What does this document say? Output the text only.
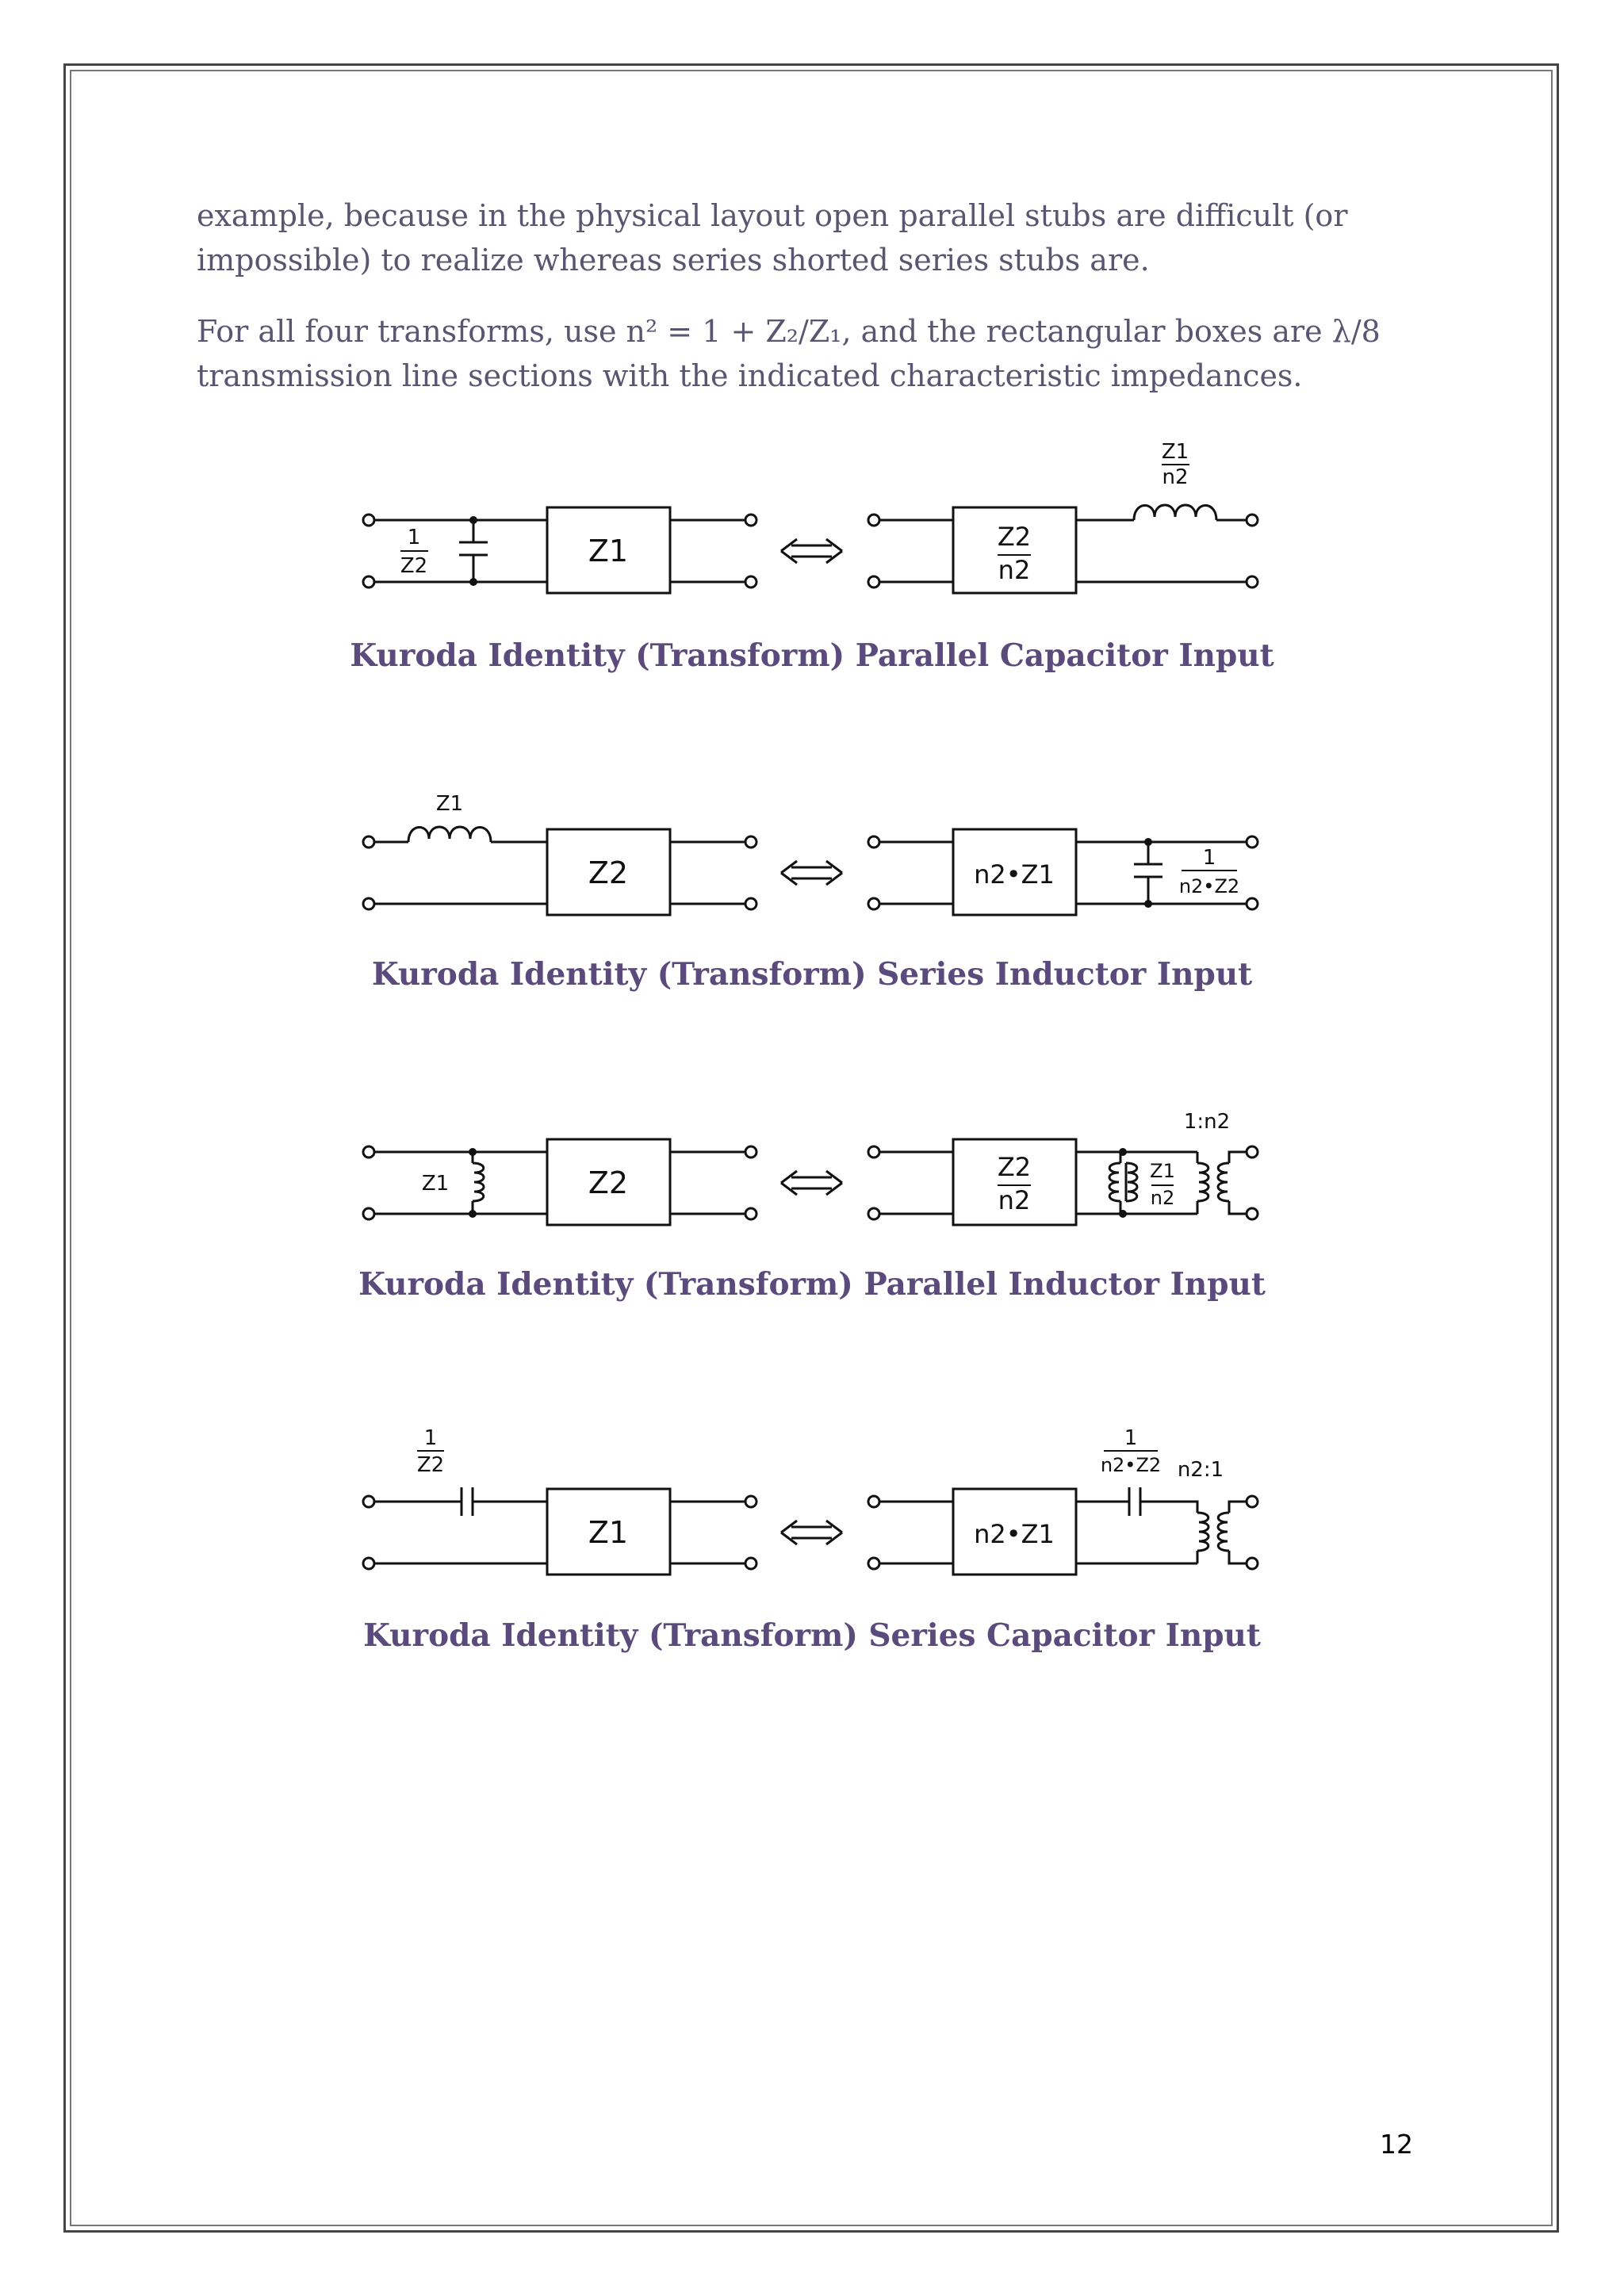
example, because in the physical layout open parallel stubs are difficult (or impossible) to realize whereas series shorted series stubs are.

For all four transforms, use n² = 1 + Z₂/Z₁, and the rectangular boxes are λ/8 transmission line sections with the indicated characteristic impedances.

1
Z2	Z1	Z2
n2
Z1
n2

Kuroda Identity (Transform) Parallel Capacitor Input

Z1
Z2	n2•Z1
1
n2•Z2

Kuroda Identity (Transform) Series Inductor Input

Z1	Z2	Z2
n2
Z1
n2
1:n2

Kuroda Identity (Transform) Parallel Inductor Input

1
Z2
Z1	n2•Z1
1
n2•Z2 n2:1

Kuroda Identity (Transform) Series Capacitor Input

12
